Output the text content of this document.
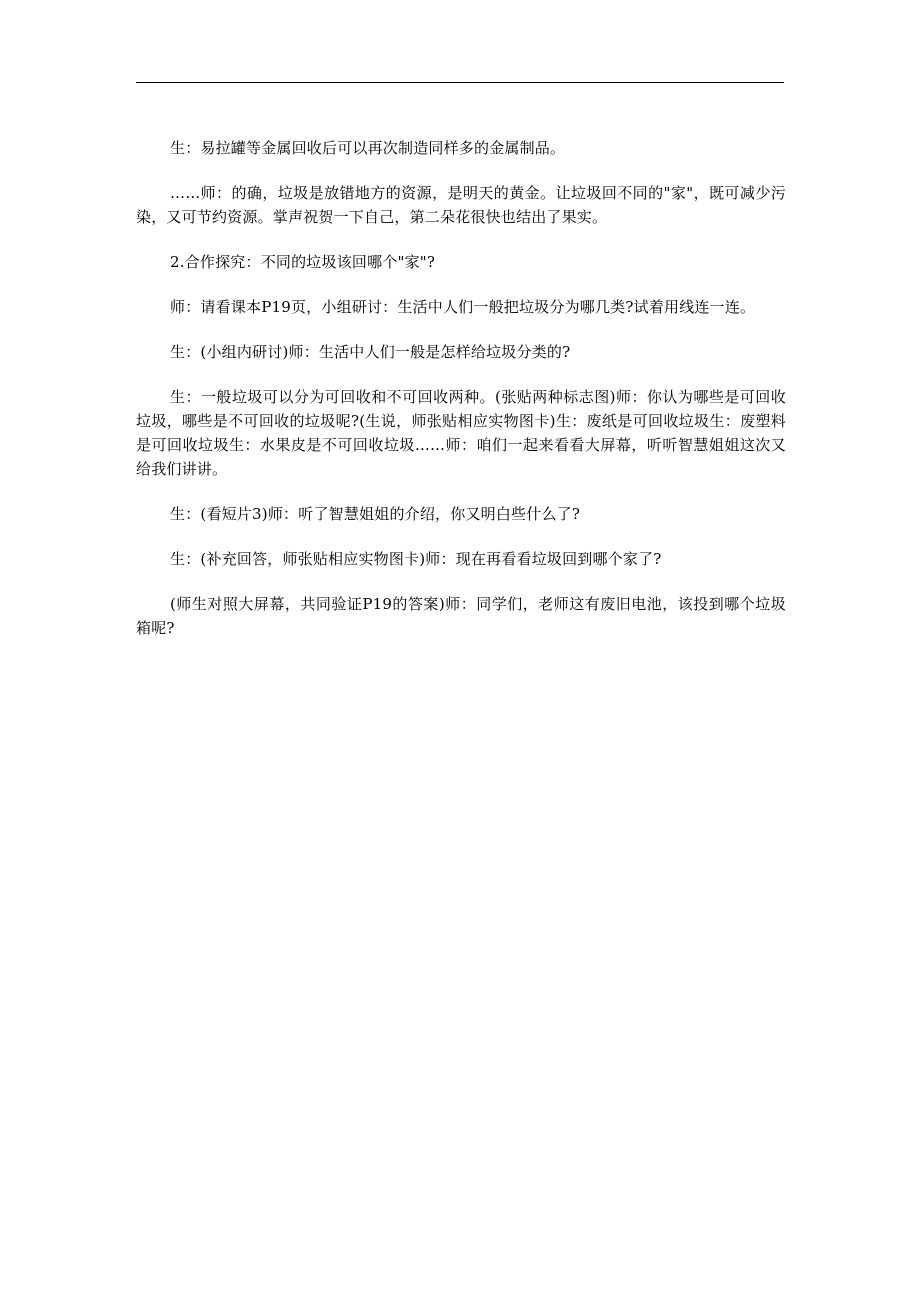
生：易拉罐等金属回收后可以再次制造同样多的金属制品。

……师：的确，垃圾是放错地方的资源，是明天的黄金。让垃圾回不同的"家"，既可减少污染，又可节约资源。掌声祝贺一下自己，第二朵花很快也结出了果实。

2.合作探究：不同的垃圾该回哪个"家"?

师：请看课本P19页，小组研讨：生活中人们一般把垃圾分为哪几类?试着用线连一连。

生：(小组内研讨)师：生活中人们一般是怎样给垃圾分类的?

生：一般垃圾可以分为可回收和不可回收两种。(张贴两种标志图)师：你认为哪些是可回收垃圾，哪些是不可回收的垃圾呢?(生说，师张贴相应实物图卡)生：废纸是可回收垃圾生：废塑料是可回收垃圾生：水果皮是不可回收垃圾……师：咱们一起来看看大屏幕，听听智慧姐姐这次又给我们讲讲。

生：(看短片3)师：听了智慧姐姐的介绍，你又明白些什么了?

生：(补充回答，师张贴相应实物图卡)师：现在再看看垃圾回到哪个家了?

(师生对照大屏幕，共同验证P19的答案)师：同学们，老师这有废旧电池，该投到哪个垃圾箱呢?
